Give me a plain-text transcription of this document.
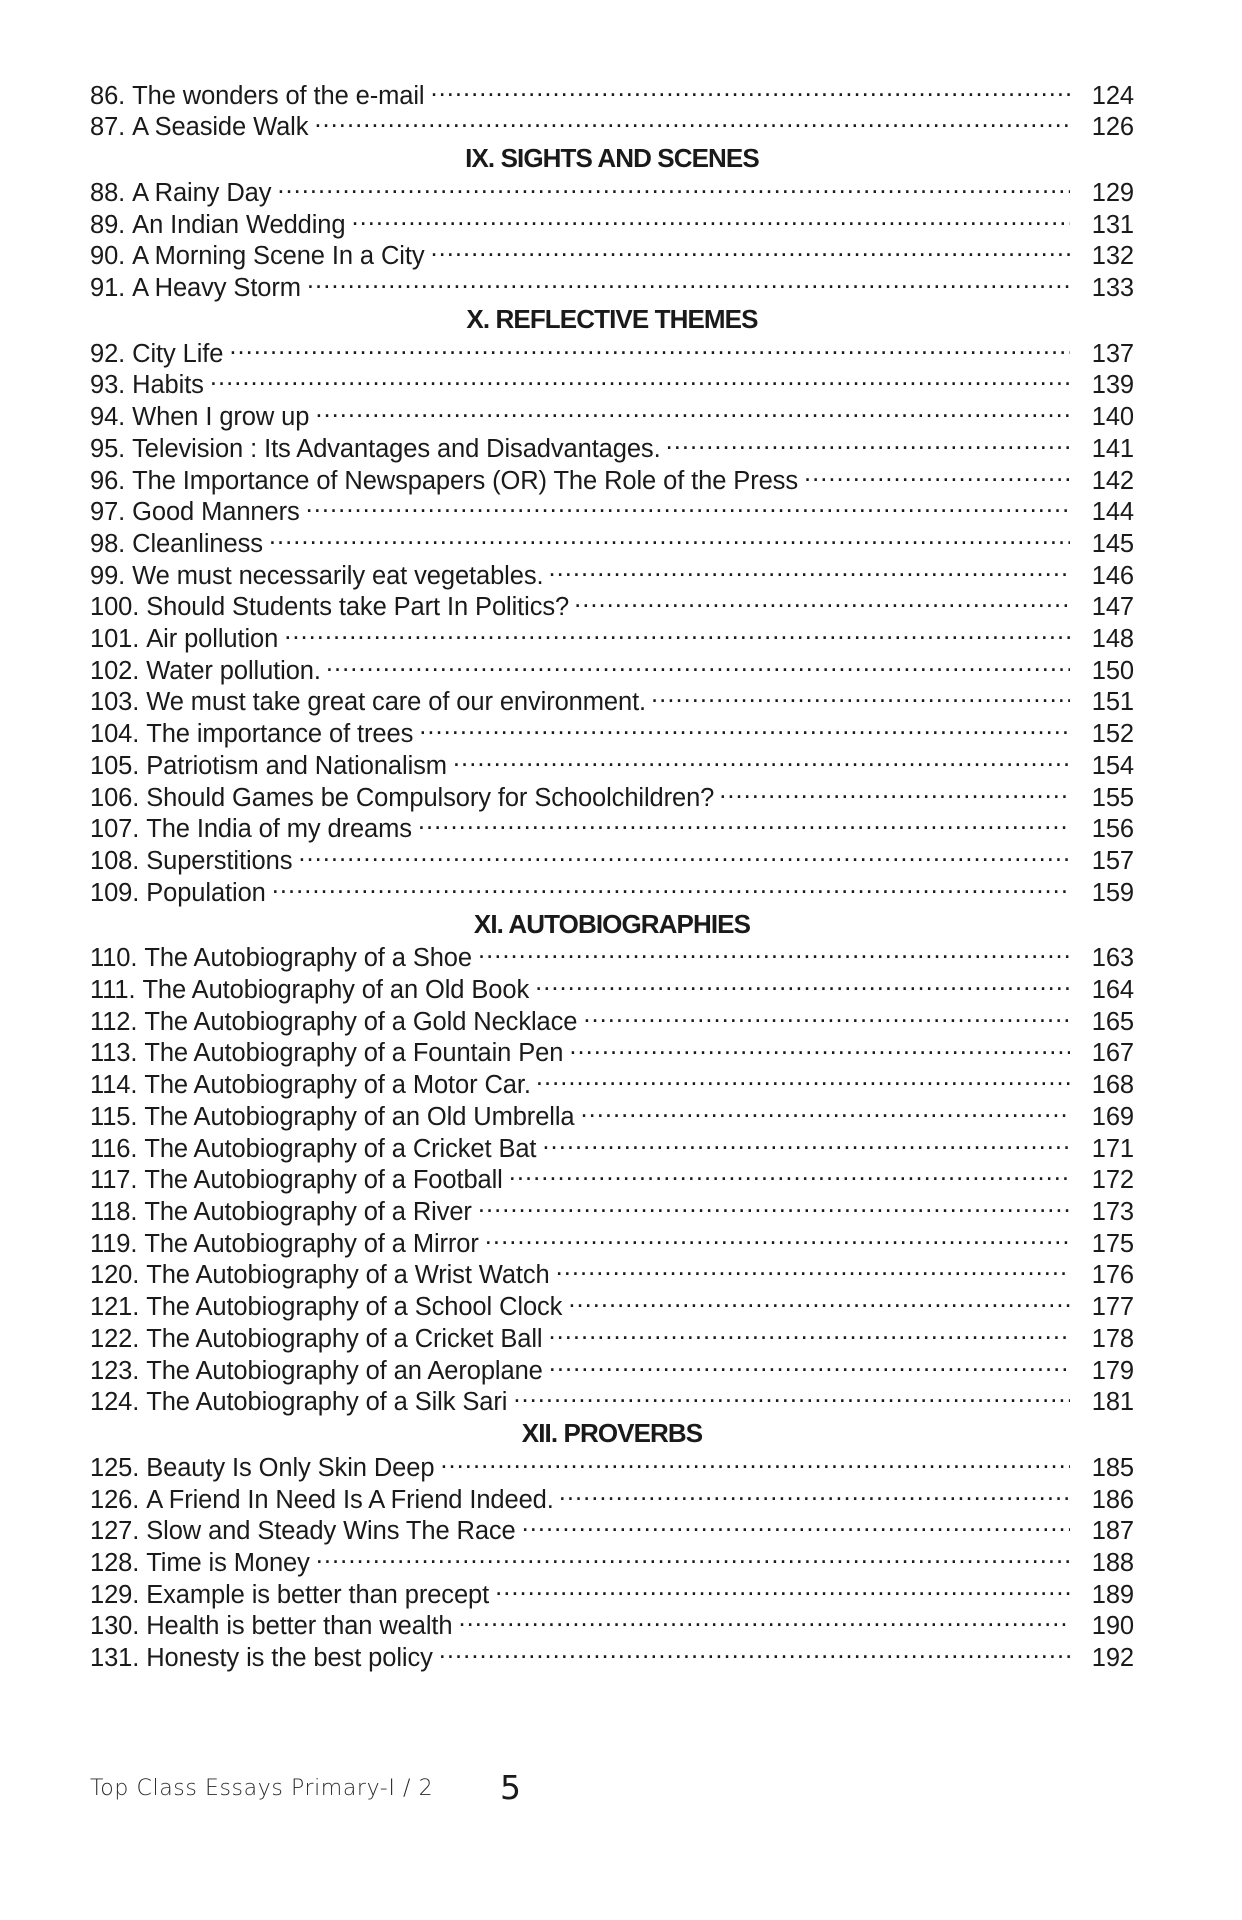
86. The wonders of the e-mail .....	124
87. A Seaside Walk .....	126
IX. SIGHTS AND SCENES
88. A Rainy Day .....	129
89. An Indian Wedding .....	131
90. A Morning Scene In a City .....	132
91. A Heavy Storm .....	133
X. REFLECTIVE THEMES
92. City Life .....	137
93. Habits .....	139
94. When I grow up .....	140
95. Television : Its Advantages and Disadvantages. .....	141
96. The Importance of Newspapers (OR) The Role of the Press .....	142
97. Good Manners .....	144
98. Cleanliness .....	145
99. We must necessarily eat vegetables. .....	146
100. Should Students take Part In Politics? .....	147
101. Air pollution .....	148
102. Water pollution. .....	150
103. We must take great care of our environment. .....	151
104. The importance of trees .....	152
105. Patriotism and Nationalism .....	154
106. Should Games be Compulsory for Schoolchildren? .....	155
107. The India of my dreams .....	156
108. Superstitions .....	157
109. Population .....	159
XI. AUTOBIOGRAPHIES
110. The Autobiography of a Shoe .....	163
111. The Autobiography of an Old Book .....	164
112. The Autobiography of a Gold Necklace .....	165
113. The Autobiography of a Fountain Pen .....	167
114. The Autobiography of a Motor Car. .....	168
115. The Autobiography of an Old Umbrella .....	169
116. The Autobiography of a Cricket Bat .....	171
117. The Autobiography of a Football .....	172
118. The Autobiography of a River .....	173
119. The Autobiography of a Mirror .....	175
120. The Autobiography of a Wrist Watch .....	176
121. The Autobiography of a School Clock .....	177
122. The Autobiography of a Cricket Ball .....	178
123. The Autobiography of an Aeroplane .....	179
124. The Autobiography of a Silk Sari .....	181
XII. PROVERBS
125. Beauty Is Only Skin Deep .....	185
126. A Friend In Need Is A Friend Indeed. .....	186
127. Slow and Steady Wins The Race .....	187
128. Time is Money .....	188
129. Example is better than precept .....	189
130. Health is better than wealth .....	190
131. Honesty is the best policy .....	192
Top Class Essays Primary-I / 2 5
